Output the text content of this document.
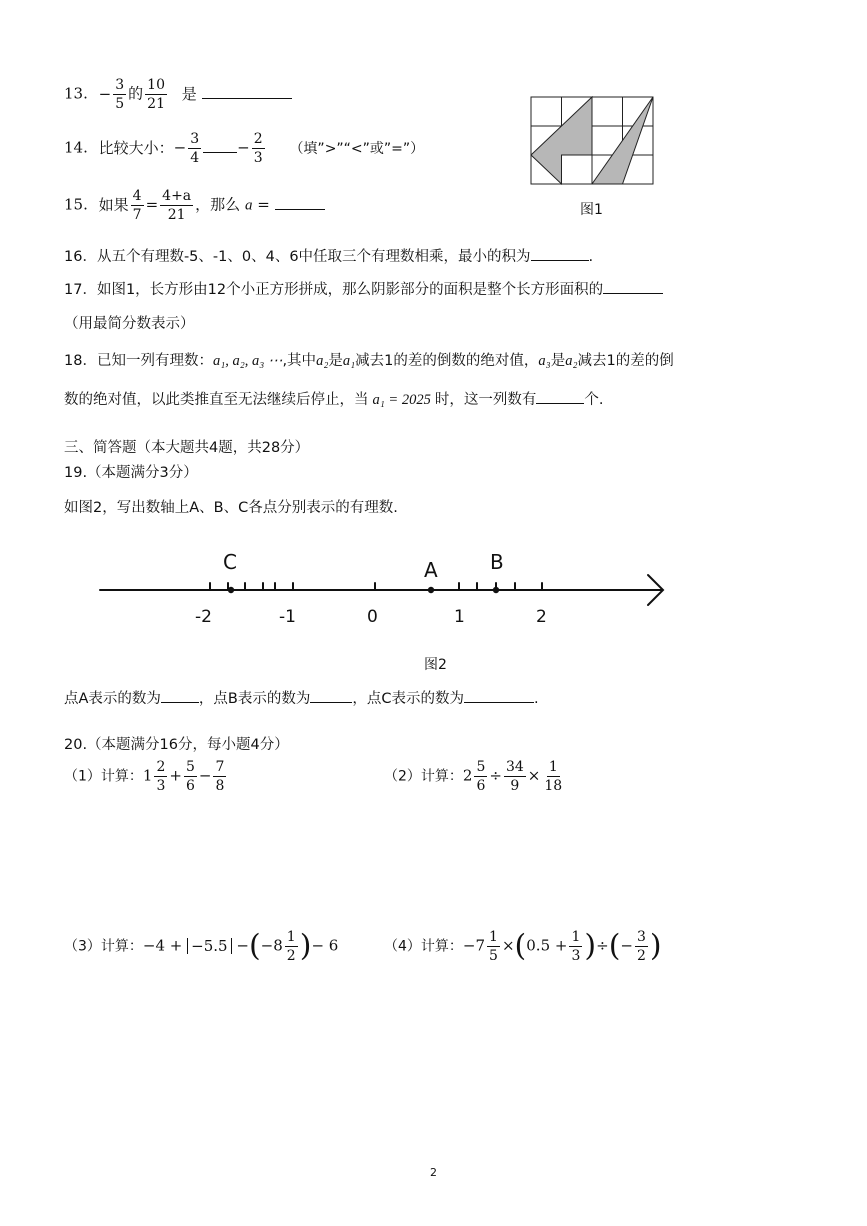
13. − $\frac{3}{5}$ 的 $\frac{10}{21}$ 是
14. 比较大小：− $\frac{3}{4} - \frac{2}{3}$ （填”>”“<”或”=”）
15. 如果 $\frac{4}{7} = \frac{4+a}{21}$ ，那么 a =	图1
16．从五个有理数-5、-1、0、4、6中任取三个有理数相乘，最小的积为	.
17．如图1，长方形由12个小正方形拼成，那么阴影部分的面积是整个长方形面积的
（用最简分数表示）
18．已知一列有理数：a₁, a₂, a₃ ⋯,其中a₂是a₁减去1的差的倒数的绝对值，a₃是a₂减去1的差的倒
数的绝对值，以此类推直至无法继续后停止，当 a₁ = 2025 时，这一列数有	个.
三、简答题（本大题共4题，共28分）
19.（本题满分3分）
如图2，写出数轴上A、B、C各点分别表示的有理数.
C	A	B
-2	-1	0	1	2
图2
点A表示的数为	，点B表示的数为	，点C表示的数为	.
20.（本题满分16分，每小题4分）
（1）计算：$1 \frac{2}{3} + \frac{5}{6} - \frac{7}{8}$	（2）计算：$2 \frac{5}{6} \div \frac{34}{9} \times \frac{1}{18}$
（3）计算：$-4 + -5.5 -(-8 \frac{1}{2}$ )− 6	（4）计算：$-7 \frac{1}{5} \times(0.5 + \frac{1}{3}$ )÷(− $\frac{3}{2}$ )
2
